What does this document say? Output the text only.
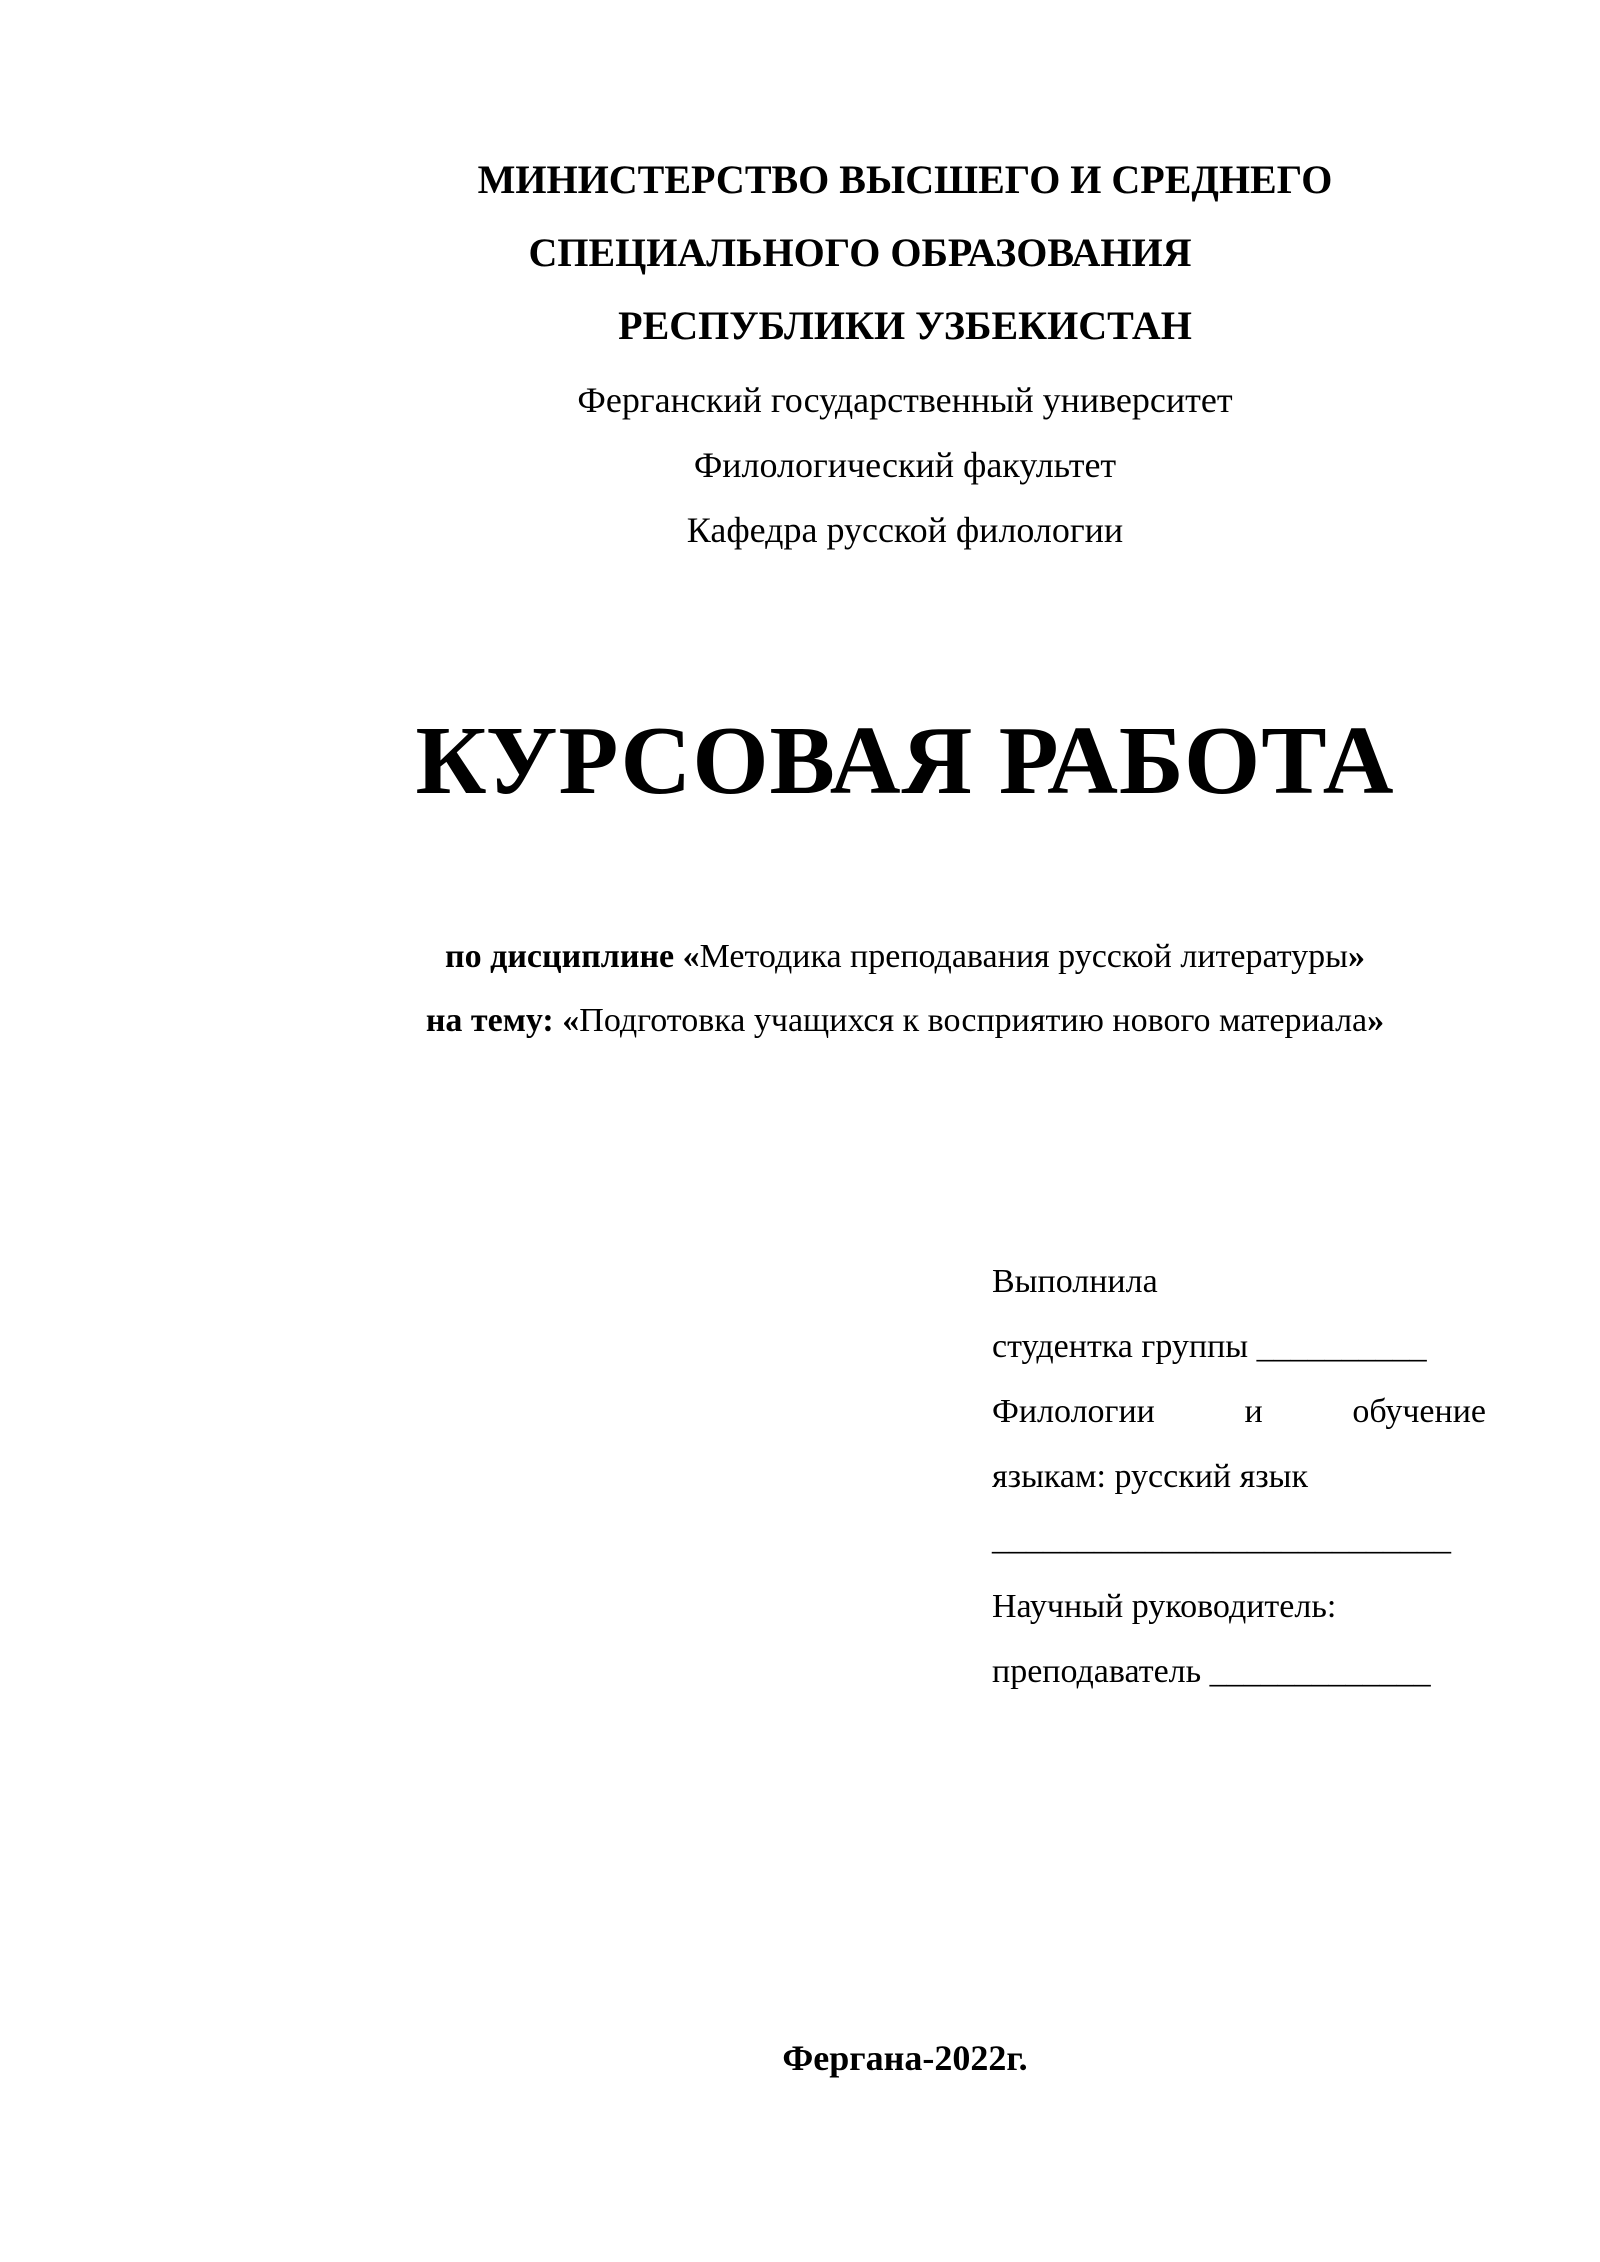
МИНИСТЕРСТВО ВЫСШЕГО И СРЕДНЕГО
СПЕЦИАЛЬНОГО ОБРАЗОВАНИЯ
РЕСПУБЛИКИ УЗБЕКИСТАН
Ферганский государственный университет
Филологический факультет
Кафедра русской филологии
КУРСОВАЯ РАБОТА
по дисциплине «Методика преподавания русской литературы»
на тему: «Подготовка учащихся к восприятию нового материала»
Выполнила
студентка группы __________
Филологии	и	обучение
языкам: русский язык
___________________________
Научный руководитель:
преподаватель _____________
Фергана-2022г.
